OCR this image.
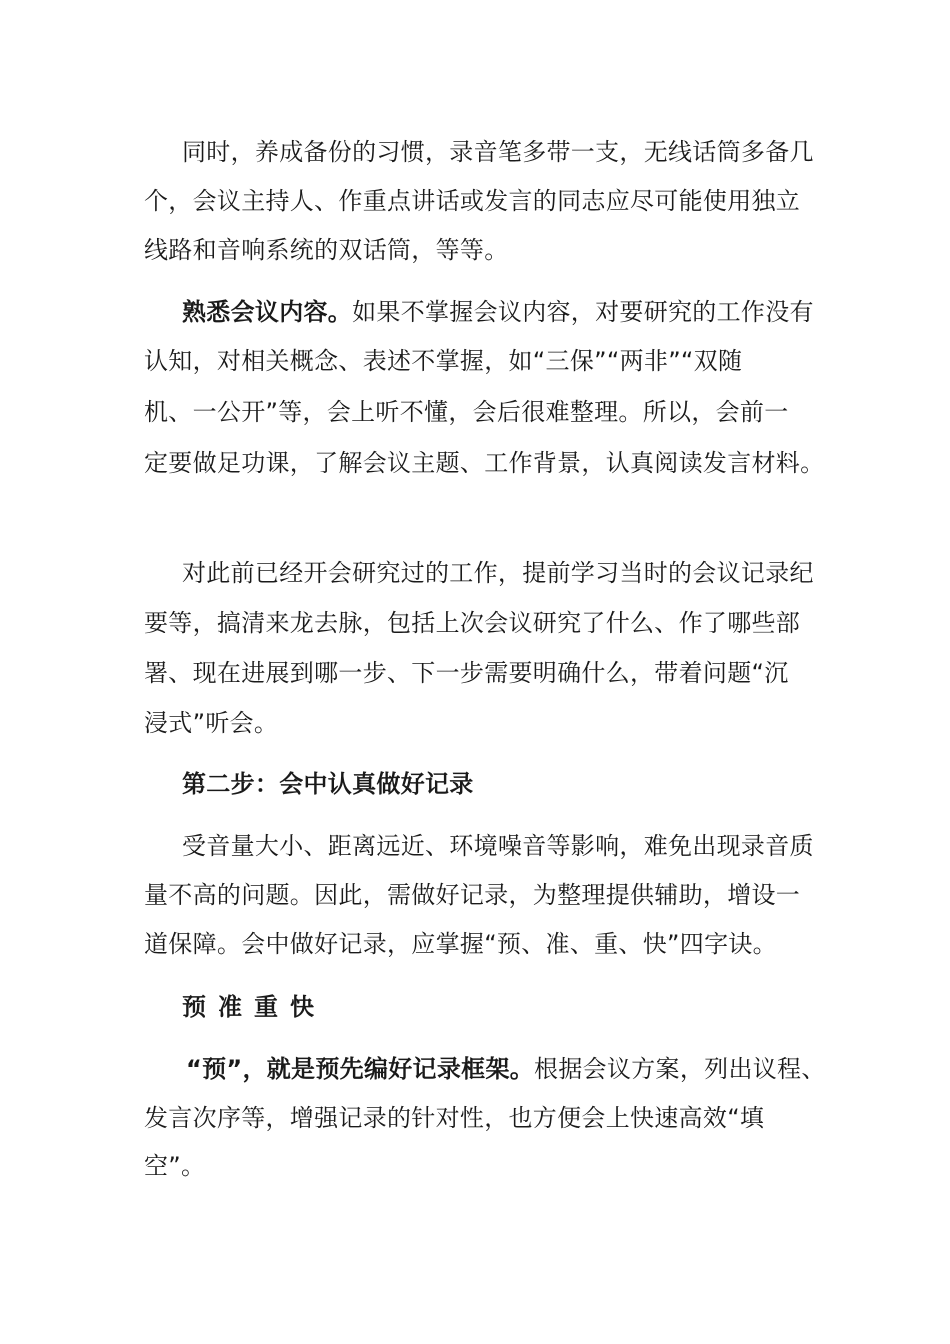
同时，养成备份的习惯，录音笔多带一支，无线话筒多备几
个，会议主持人、作重点讲话或发言的同志应尽可能使用独立
线路和音响系统的双话筒，等等。
熟悉会议内容。如果不掌握会议内容，对要研究的工作没有
认知，对相关概念、表述不掌握，如“三保”“两非”“双随
机、一公开”等，会上听不懂，会后很难整理。所以，会前一
定要做足功课，了解会议主题、工作背景，认真阅读发言材料。
对此前已经开会研究过的工作，提前学习当时的会议记录纪
要等，搞清来龙去脉，包括上次会议研究了什么、作了哪些部
署、现在进展到哪一步、下一步需要明确什么，带着问题“沉
浸式”听会。
第二步：会中认真做好记录
受音量大小、距离远近、环境噪音等影响，难免出现录音质
量不高的问题。因此，需做好记录，为整理提供辅助，增设一
道保障。会中做好记录，应掌握“预、准、重、快”四字诀。
预准重快
“预”，就是预先编好记录框架。根据会议方案，列出议程、
发言次序等，增强记录的针对性，也方便会上快速高效“填
空”。
